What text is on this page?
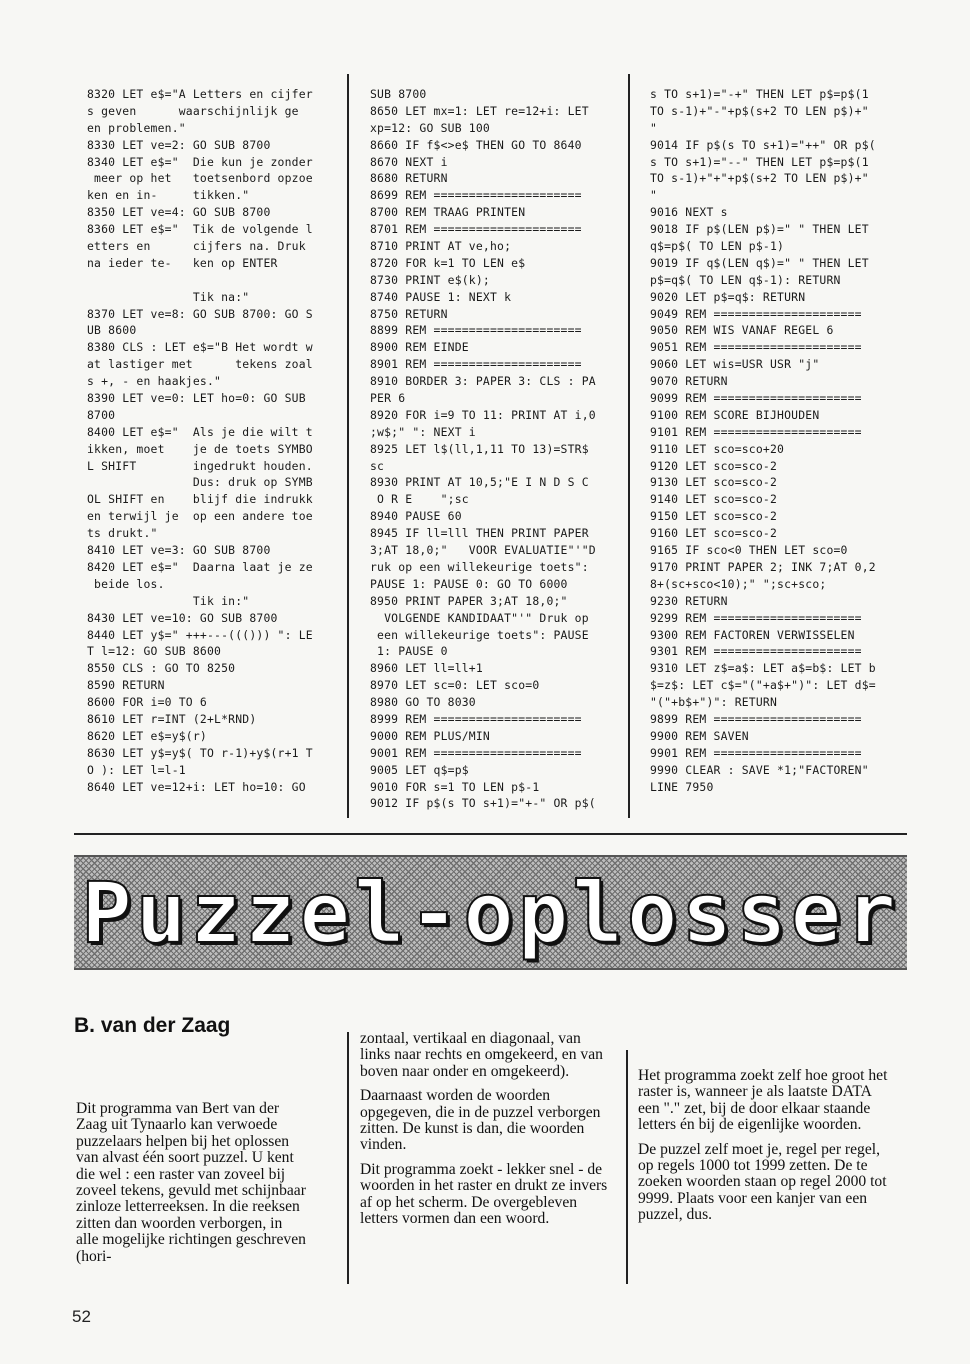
8320 LET e$="A Letters en cijfer
s geven      waarschijnlijk ge
en problemen."
8330 LET ve=2: GO SUB 8700
8340 LET e$="  Die kun je zonder
meer op het   toetsenbord opzoe
ken en in-     tikken."
8350 LET ve=4: GO SUB 8700
8360 LET e$="  Tik de volgende l
etters en      cijfers na. Druk
na ieder te-   ken op ENTER
Tik na:"
8370 LET ve=8: GO SUB 8700: GO S
UB 8600
8380 CLS : LET e$="B Het wordt w
at lastiger met      tekens zoal
s +, - en haakjes."
8390 LET ve=0: LET ho=0: GO SUB
8700
8400 LET e$="  Als je die wilt t
ikken, moet    je de toets SYMBO
L SHIFT        ingedrukt houden.
Dus: druk op SYMB
OL SHIFT en    blijf die indrukk
en terwijl je  op een andere toe
ts drukt."
8410 LET ve=3: GO SUB 8700
8420 LET e$="  Daarna laat je ze
beide los.
Tik in:"
8430 LET ve=10: GO SUB 8700
8440 LET y$=" +++---((())) ": LE
T l=12: GO SUB 8600
8550 CLS : GO TO 8250
8590 RETURN
8600 FOR i=0 TO 6
8610 LET r=INT (2+L*RND)
8620 LET e$=y$(r)
8630 LET y$=y$( TO r-1)+y$(r+1 T
O ): LET l=l-1
8640 LET ve=12+i: LET ho=10: GO
SUB 8700
8650 LET mx=1: LET re=12+i: LET
xp=12: GO SUB 100
8660 IF f$<>e$ THEN GO TO 8640
8670 NEXT i
8680 RETURN
8699 REM =====================
8700 REM TRAAG PRINTEN
8701 REM =====================
8710 PRINT AT ve,ho;
8720 FOR k=1 TO LEN e$
8730 PRINT e$(k);
8740 PAUSE 1: NEXT k
8750 RETURN
8899 REM =====================
8900 REM EINDE
8901 REM =====================
8910 BORDER 3: PAPER 3: CLS : PA
PER 6
8920 FOR i=9 TO 11: PRINT AT i,0
;w$;" ": NEXT i
8925 LET l$(ll,1,11 TO 13)=STR$
sc
8930 PRINT AT 10,5;"E I N D S C
O R E    ";sc
8940 PAUSE 60
8945 IF ll=lll THEN PRINT PAPER
3;AT 18,0;"   VOOR EVALUATIE"'"D
ruk op een willekeurige toets":
PAUSE 1: PAUSE 0: GO TO 6000
8950 PRINT PAPER 3;AT 18,0;"
VOLGENDE KANDIDAAT"'" Druk op
een willekeurige toets": PAUSE
1: PAUSE 0
8960 LET ll=ll+1
8970 LET sc=0: LET sco=0
8980 GO TO 8030
8999 REM =====================
9000 REM PLUS/MIN
9001 REM =====================
9005 LET q$=p$
9010 FOR s=1 TO LEN p$-1
9012 IF p$(s TO s+1)="+-" OR p$(
s TO s+1)="-+" THEN LET p$=p$(1
TO s-1)+"-"+p$(s+2 TO LEN p$)+"
"
9014 IF p$(s TO s+1)="++" OR p$(
s TO s+1)="--" THEN LET p$=p$(1
TO s-1)+"+"+p$(s+2 TO LEN p$)+"
"
9016 NEXT s
9018 IF p$(LEN p$)=" " THEN LET
q$=p$( TO LEN p$-1)
9019 IF q$(LEN q$)=" " THEN LET
p$=q$( TO LEN q$-1): RETURN
9020 LET p$=q$: RETURN
9049 REM =====================
9050 REM WIS VANAF REGEL 6
9051 REM =====================
9060 LET wis=USR USR "j"
9070 RETURN
9099 REM =====================
9100 REM SCORE BIJHOUDEN
9101 REM =====================
9110 LET sco=sco+20
9120 LET sco=sco-2
9130 LET sco=sco-2
9140 LET sco=sco-2
9150 LET sco=sco-2
9160 LET sco=sco-2
9165 IF sco<0 THEN LET sco=0
9170 PRINT PAPER 2; INK 7;AT 0,2
8+(sc+sco<10);" ";sc+sco;
9230 RETURN
9299 REM =====================
9300 REM FACTOREN VERWISSELEN
9301 REM =====================
9310 LET z$=a$: LET a$=b$: LET b
$=z$: LET c$="("+a$+")": LET d$=
"("+b$+")": RETURN
9899 REM =====================
9900 REM SAVEN
9901 REM =====================
9990 CLEAR : SAVE *1;"FACTOREN"
LINE 7950
Puzzel-oplosser
B. van der Zaag

Dit programma van Bert van der Zaag uit Tynaarlo kan verwoede puzzelaars helpen bij het oplossen van alvast één soort puzzel. U kent die wel : een raster van zoveel bij zoveel tekens, gevuld met schijnbaar zinloze letterreeksen. In die reeksen zitten dan woorden verborgen, in alle mogelijke richtingen geschreven (hori-

zontaal, vertikaal en diagonaal, van links naar rechts en omgekeerd, en van boven naar onder en omgekeerd).

Daarnaast worden de woorden opgegeven, die in de puzzel verborgen zitten. De kunst is dan, die woorden vinden.

Dit programma zoekt - lekker snel - de woorden in het raster en drukt ze invers af op het scherm. De overgebleven letters vormen dan een woord.

Het programma zoekt zelf hoe groot het raster is, wanneer je als laatste DATA een "." zet, bij de door elkaar staande letters én bij de eigenlijke woorden.

De puzzel zelf moet je, regel per regel, op regels 1000 tot 1999 zetten. De te zoeken woorden staan op regel 2000 tot 9999. Plaats voor een kanjer van een puzzel, dus.

52
